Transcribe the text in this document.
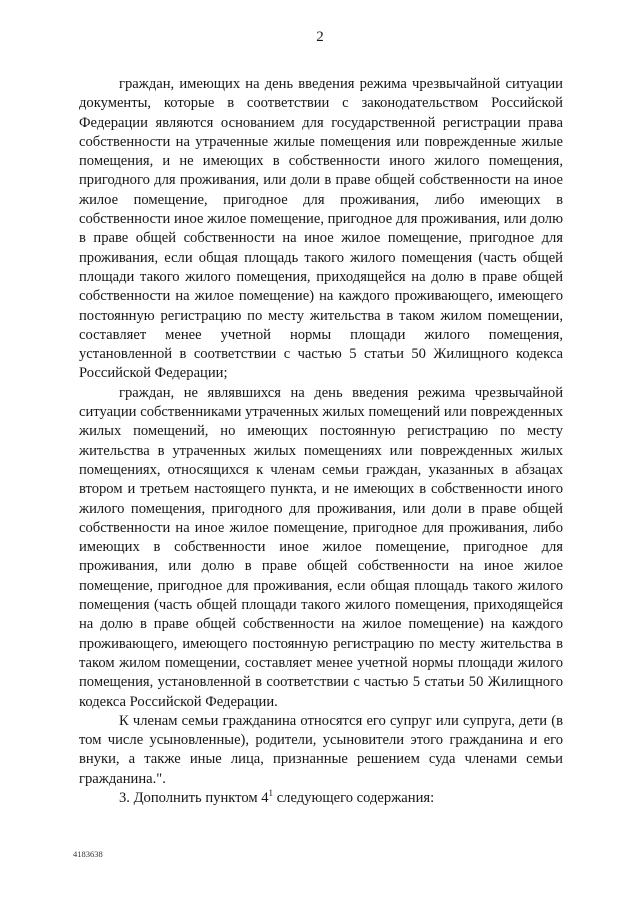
2

граждан, имеющих на день введения режима чрезвычайной ситуации документы, которые в соответствии с законодательством Российской Федерации являются основанием для государственной регистрации права собственности на утраченные жилые помещения или поврежденные жилые помещения, и не имеющих в собственности иного жилого помещения, пригодного для проживания, или доли в праве общей собственности на иное жилое помещение, пригодное для проживания, либо имеющих в собственности иное жилое помещение, пригодное для проживания, или долю в праве общей собственности на иное жилое помещение, пригодное для проживания, если общая площадь такого жилого помещения (часть общей площади такого жилого помещения, приходящейся на долю в праве общей собственности на жилое помещение) на каждого проживающего, имеющего постоянную регистрацию по месту жительства в таком жилом помещении, составляет менее учетной нормы площади жилого помещения, установленной в соответствии с частью 5 статьи 50 Жилищного кодекса Российской Федерации;

граждан, не являвшихся на день введения режима чрезвычайной ситуации собственниками утраченных жилых помещений или поврежденных жилых помещений, но имеющих постоянную регистрацию по месту жительства в утраченных жилых помещениях или поврежденных жилых помещениях, относящихся к членам семьи граждан, указанных в абзацах втором и третьем настоящего пункта, и не имеющих в собственности иного жилого помещения, пригодного для проживания, или доли в праве общей собственности на иное жилое помещение, пригодное для проживания, либо имеющих в собственности иное жилое помещение, пригодное для проживания, или долю в праве общей собственности на иное жилое помещение, пригодное для проживания, если общая площадь такого жилого помещения (часть общей площади такого жилого помещения, приходящейся на долю в праве общей собственности на жилое помещение) на каждого проживающего, имеющего постоянную регистрацию по месту жительства в таком жилом помещении, составляет менее учетной нормы площади жилого помещения, установленной в соответствии с частью 5 статьи 50 Жилищного кодекса Российской Федерации.

К членам семьи гражданина относятся его супруг или супруга, дети (в том числе усыновленные), родители, усыновители этого гражданина и его внуки, а также иные лица, признанные решением суда членами семьи гражданина.".

3. Дополнить пунктом $4^1$ следующего содержания:

4183638
